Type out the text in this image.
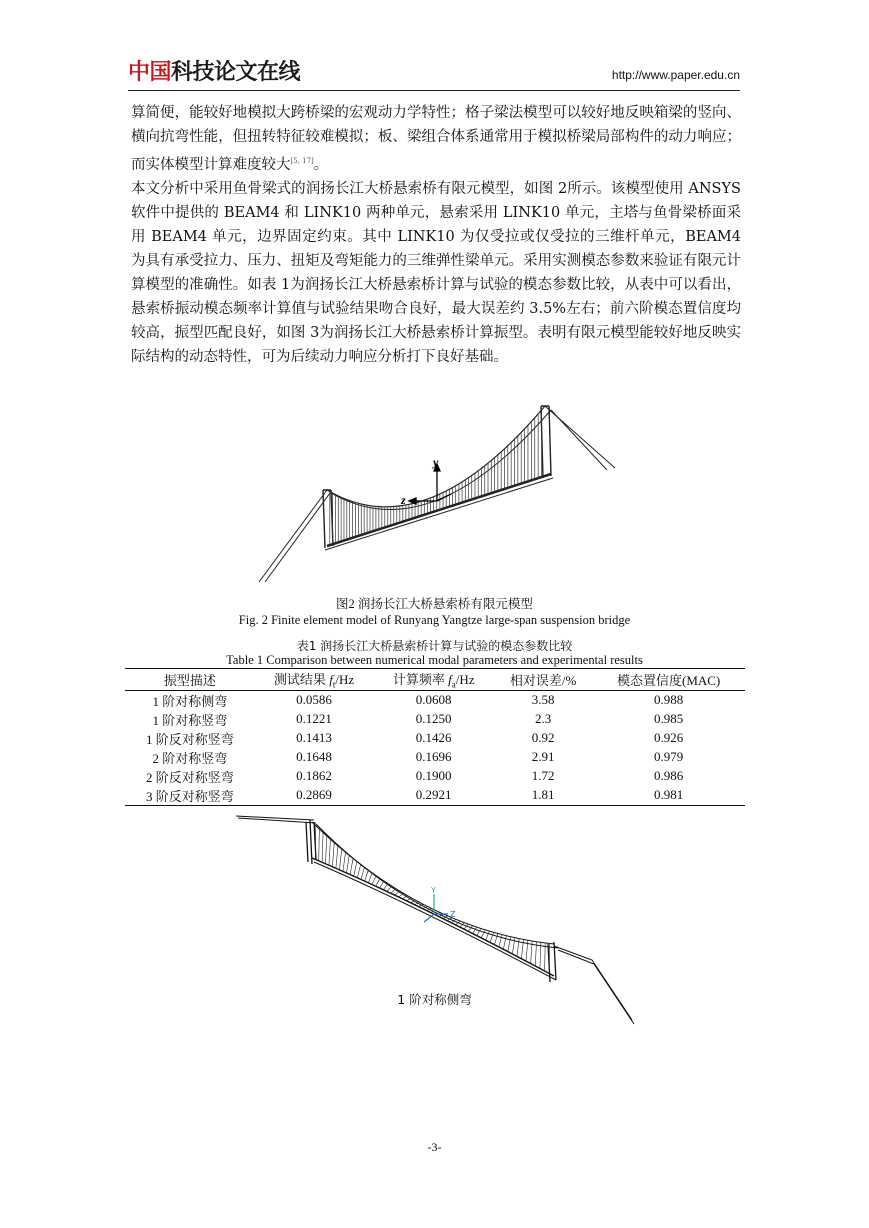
中国科技论文在线	http://www.paper.edu.cn

算简便，能较好地模拟大跨桥梁的宏观动力学特性；格子梁法模型可以较好地反映箱梁的竖向、横向抗弯性能，但扭转特征较难模拟；板、梁组合体系通常用于模拟桥梁局部构件的动力响应；而实体模型计算难度较大[5, 17]。

本文分析中采用鱼骨梁式的润扬长江大桥悬索桥有限元模型，如图 2所示。该模型使用 ANSYS 软件中提供的 BEAM4 和 LINK10 两种单元，悬索采用 LINK10 单元，主塔与鱼骨梁桥面采用 BEAM4 单元，边界固定约束。其中 LINK10 为仅受拉或仅受拉的三维杆单元，BEAM4 为具有承受拉力、压力、扭矩及弯矩能力的三维弹性梁单元。采用实测模态参数来验证有限元计算模型的准确性。如表 1为润扬长江大桥悬索桥计算与试验的模态参数比较，从表中可以看出，悬索桥振动模态频率计算值与试验结果吻合良好，最大误差约 3.5%左右；前六阶模态置信度均较高，振型匹配良好，如图 3为润扬长江大桥悬索桥计算振型。表明有限元模型能较好地反映实际结构的动态特性，可为后续动力响应分析打下良好基础。

y
z
图2 润扬长江大桥悬索桥有限元模型
Fig. 2 Finite element model of Runyang Yangtze large-span suspension bridge
表1 润扬长江大桥悬索桥计算与试验的模态参数比较
Table 1 Comparison between numerical modal parameters and experimental results
振型描述	测试结果 $f_t/Hz$	计算频率 $f_a/Hz$	相对误差/%	模态置信度(MAC)
1 阶对称侧弯	0.0586	0.0608	3.58	0.988
1 阶对称竖弯	0.1221	0.1250	2.3	0.985
1 阶反对称竖弯	0.1413	0.1426	0.92	0.926
2 阶对称竖弯	0.1648	0.1696	2.91	0.979
2 阶反对称竖弯	0.1862	0.1900	1.72	0.986
3 阶反对称竖弯	0.2869	0.2921	1.81	0.981
Y
Z
1 阶对称侧弯
-3-
